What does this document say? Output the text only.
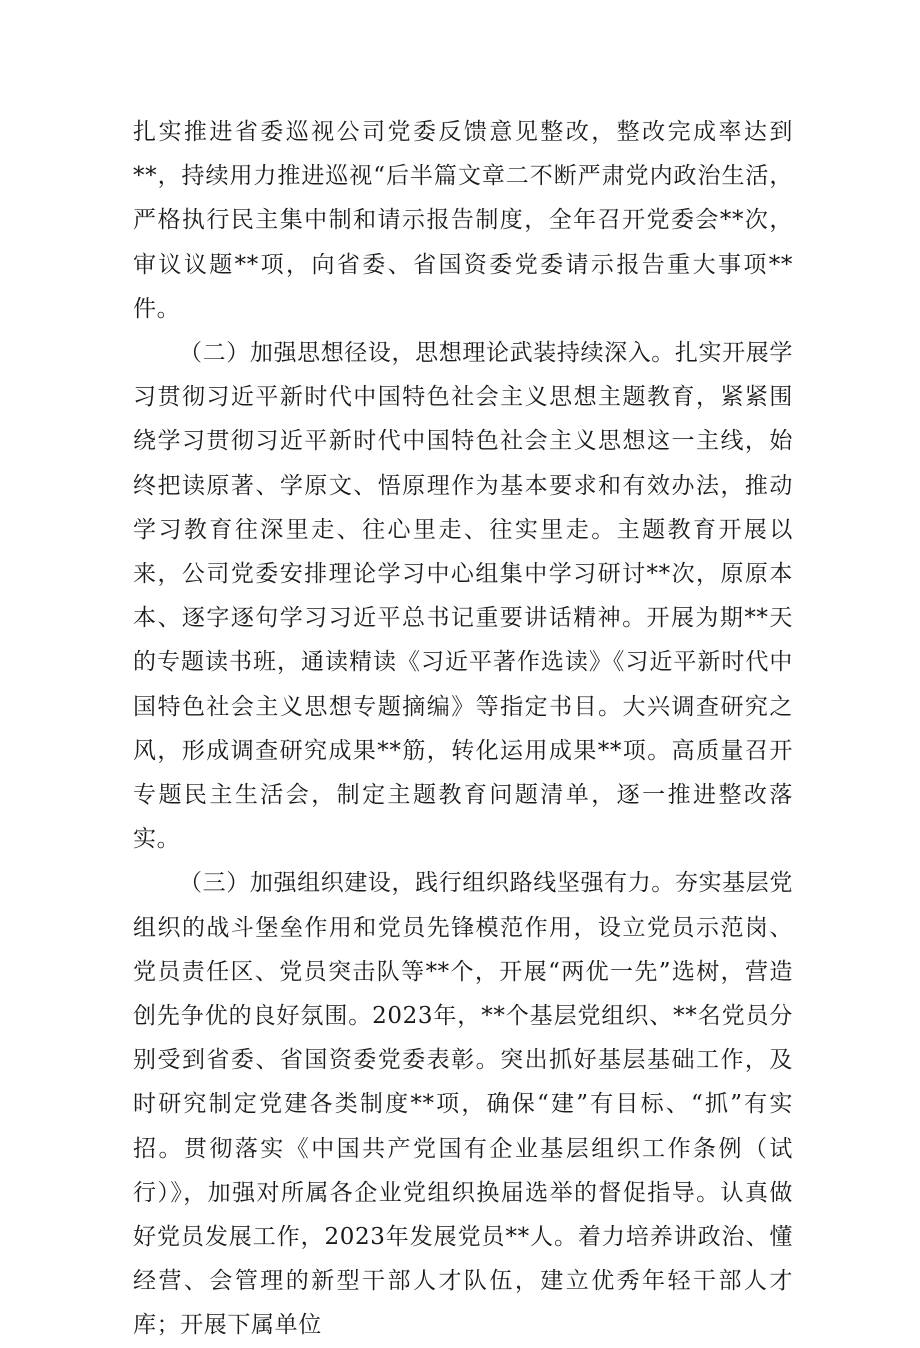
扎实推进省委巡视公司党委反馈意见整改，整改完成率达到**，持续用力推进巡视“后半篇文章二不断严肃党内政治生活，严格执行民主集中制和请示报告制度，全年召开党委会**次，审议议题**项，向省委、省国资委党委请示报告重大事项**件。

（二）加强思想径设，思想理论武装持续深入。扎实开展学习贯彻习近平新时代中国特色社会主义思想主题教育，紧紧围绕学习贯彻习近平新时代中国特色社会主义思想这一主线，始终把读原著、学原文、悟原理作为基本要求和有效办法，推动学习教育往深里走、往心里走、往实里走。主题教育开展以来，公司党委安排理论学习中心组集中学习研讨**次，原原本本、逐字逐句学习习近平总书记重要讲话精神。开展为期**天的专题读书班，通读精读《习近平著作选读》《习近平新时代中国特色社会主义思想专题摘编》等指定书目。大兴调查研究之风，形成调查研究成果**筋，转化运用成果**项。高质量召开专题民主生活会，制定主题教育问题清单，逐一推进整改落实。

（三）加强组织建设，践行组织路线坚强有力。夯实基层党组织的战斗堡垒作用和党员先锋模范作用，设立党员示范岗、党员责任区、党员突击队等**个，开展“两优一先”选树，营造创先争优的良好氛围。2023年，**个基层党组织、**名党员分别受到省委、省国资委党委表彰。突出抓好基层基础工作，及时研究制定党建各类制度**项，确保“建”有目标、“抓”有实招。贯彻落实《中国共产党国有企业基层组织工作条例（试行）》，加强对所属各企业党组织换届选举的督促指导。认真做好党员发展工作，2023年发展党员**人。着力培养讲政治、懂经营、会管理的新型干部人才队伍，建立优秀年轻干部人才库；开展下属单位
